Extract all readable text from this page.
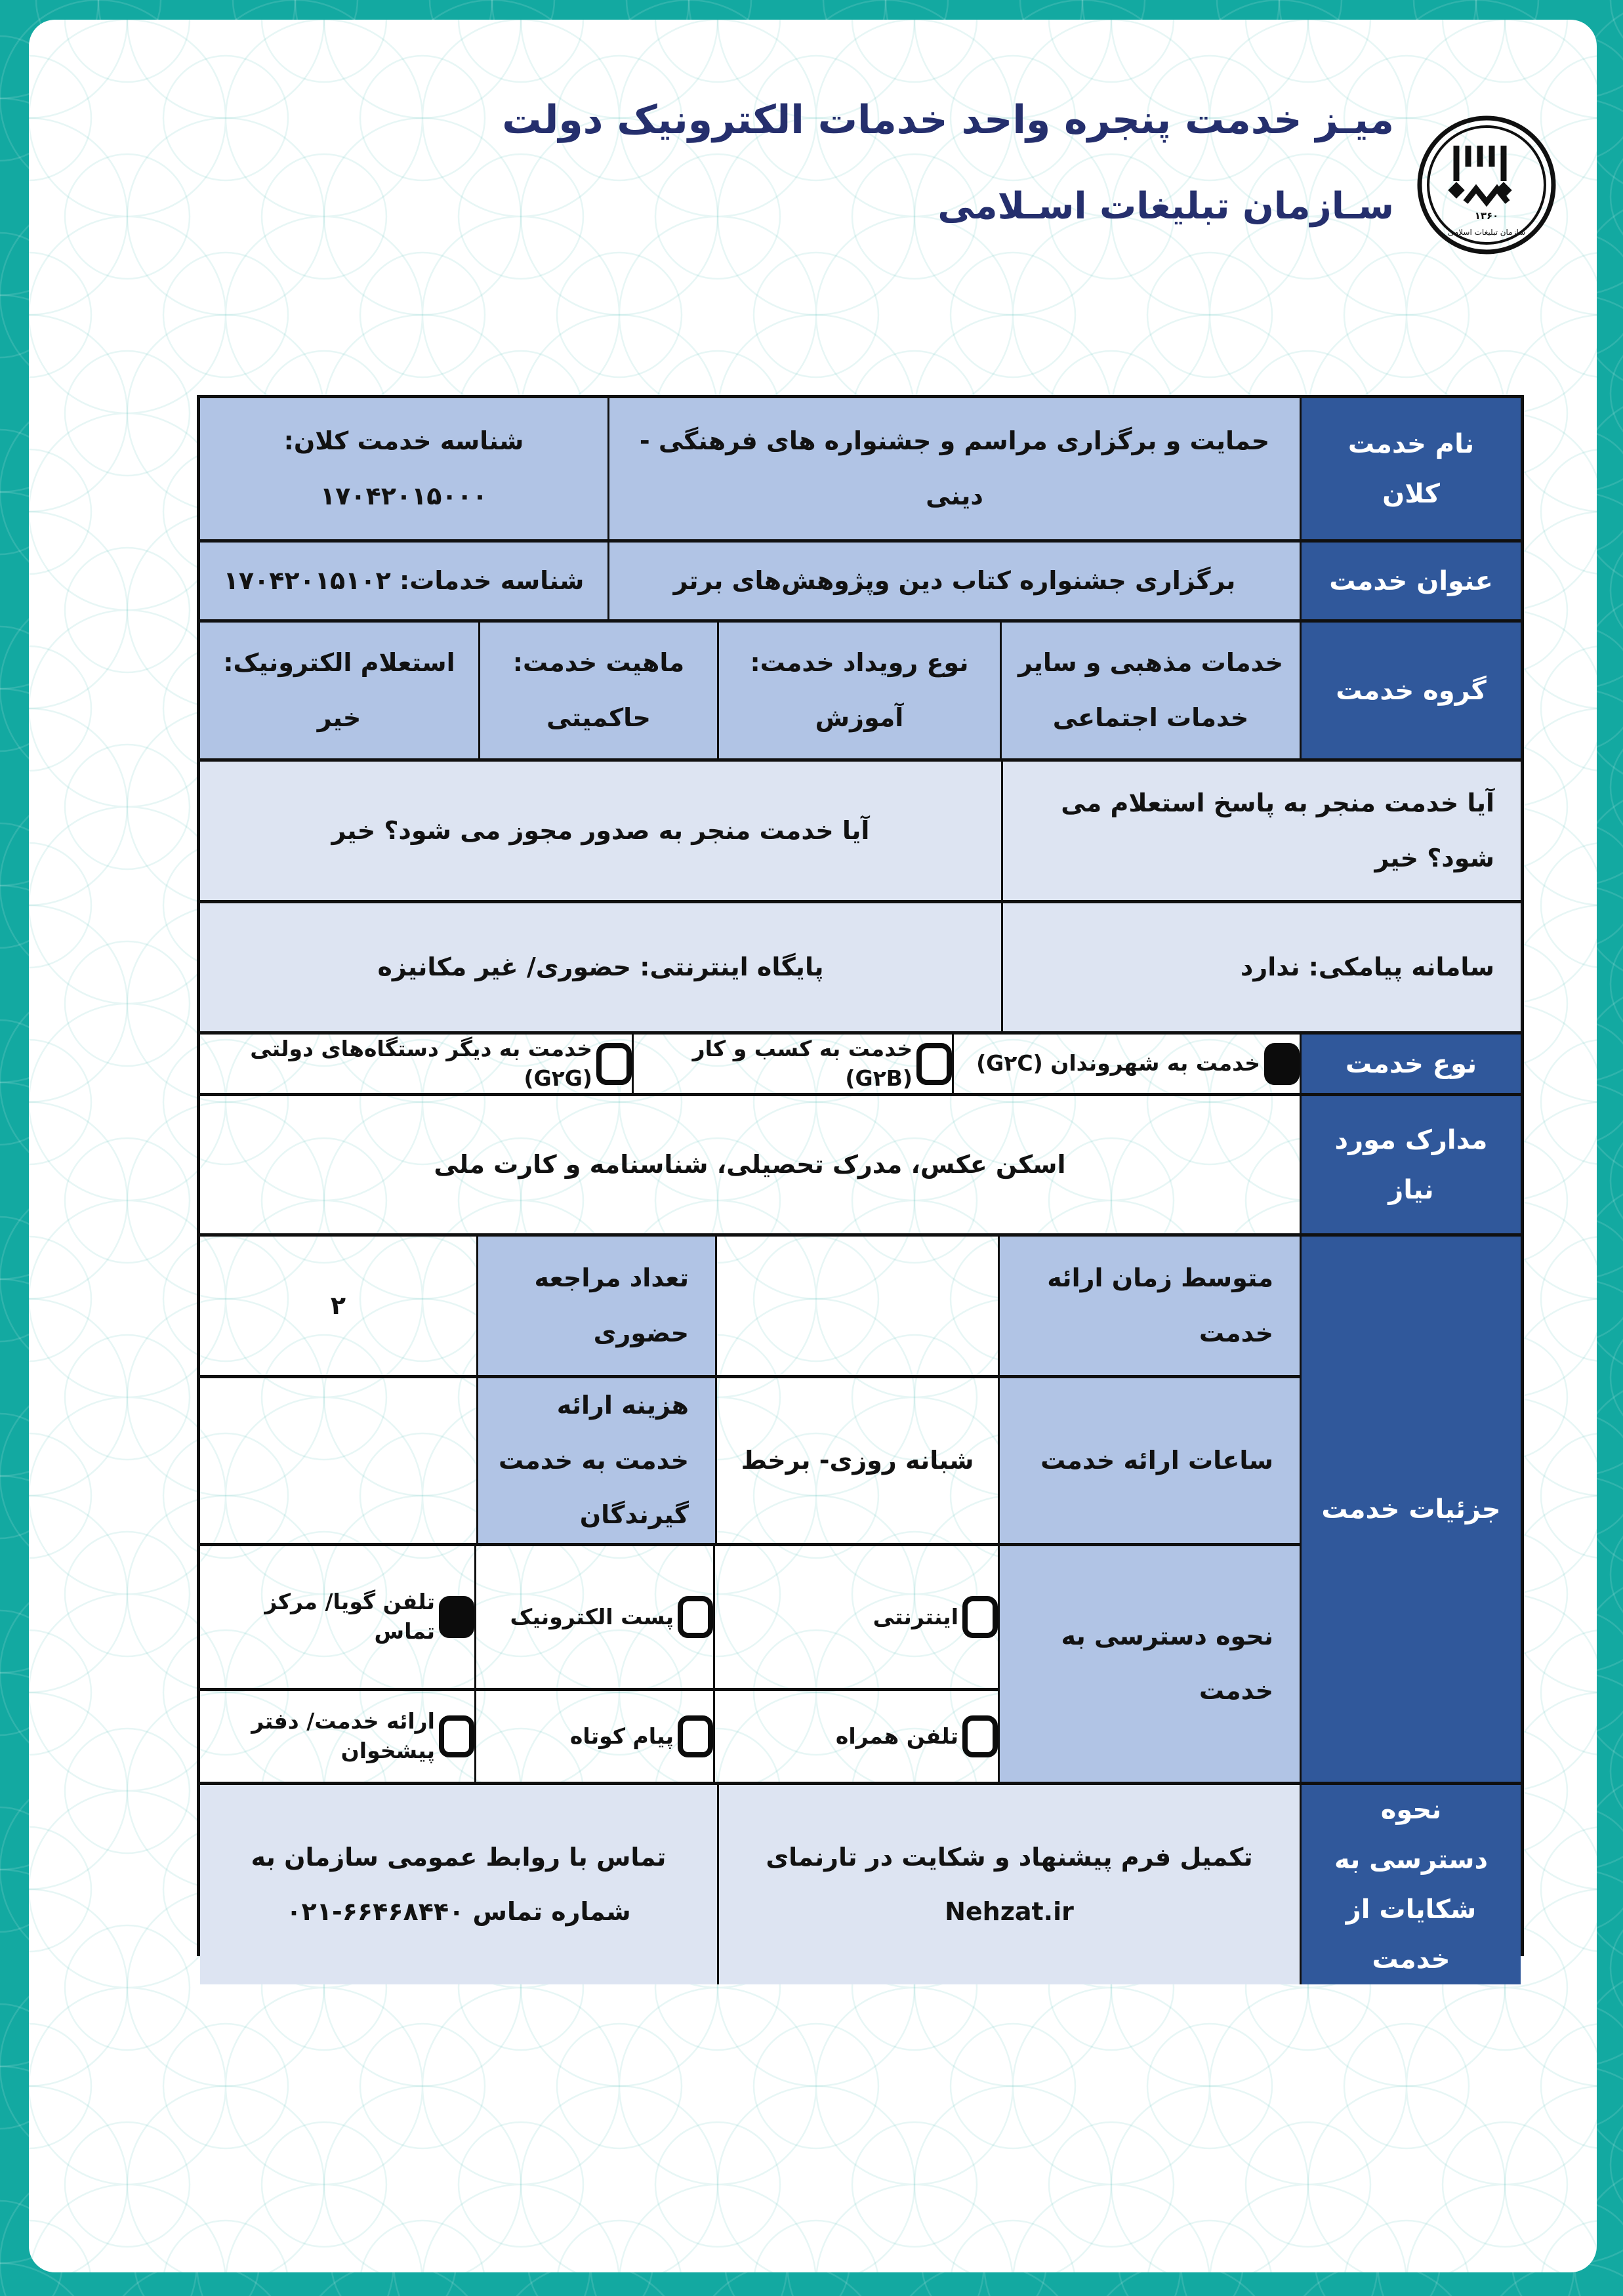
میـز خدمت پنجره واحد خدمات الکترونیک دولت
سـازمان تبلیغات اسـلامی	۱۳۶۰
سازمان تبلیغات اسلامی
نام خدمت کلان
حمایت و برگزاری مراسم و جشنواره های فرهنگی - دینی
شناسه خدمت کلان: ۱۷۰۴۲۰۱۵۰۰۰
عنوان خدمت
برگزاری جشنواره کتاب دین وپژوهش‌های برتر
شناسه خدمات: ۱۷۰۴۲۰۱۵۱۰۲
گروه خدمت
خدمات مذهبی و سایر خدمات اجتماعی
نوع رویداد خدمت: آموزش
ماهیت خدمت: حاکمیتی
استعلام الکترونیک: خیر
آیا خدمت منجر به پاسخ استعلام می شود؟ خیر
آیا خدمت منجر به صدور مجوز می شود؟ خیر
سامانه پیامکی: ندارد
پایگاه اینترنتی: حضوری/ غیر مکانیزه
نوع خدمت
خدمت به شهروندان (G۲C)
خدمت به کسب و کار (G۲B)
خدمت به دیگر دستگاه‌های دولتی (G۲G)
مدارک مورد نیاز
اسکن عکس، مدرک تحصیلی، شناسنامه و کارت ملی
جزئیات خدمت
متوسط زمان ارائه خدمت
تعداد مراجعه حضوری
۲
ساعات ارائه خدمت
شبانه روزی- برخط
هزینه ارائه خدمت به خدمت گیرندگان
نحوه دسترسی به خدمت
اینترنتی
پست الکترونیک
تلفن گویا/ مرکز تماس
تلفن همراه
پیام کوتاه
ارائه خدمت/ دفتر پیشخوان
نحوه دسترسی به شکایات از خدمت
تکمیل فرم پیشنهاد و شکایت در تارنمای Nehzat.ir
تماس با روابط عمومی سازمان به شماره تماس ۶۶۴۶۸۴۴۰-۰۲۱
